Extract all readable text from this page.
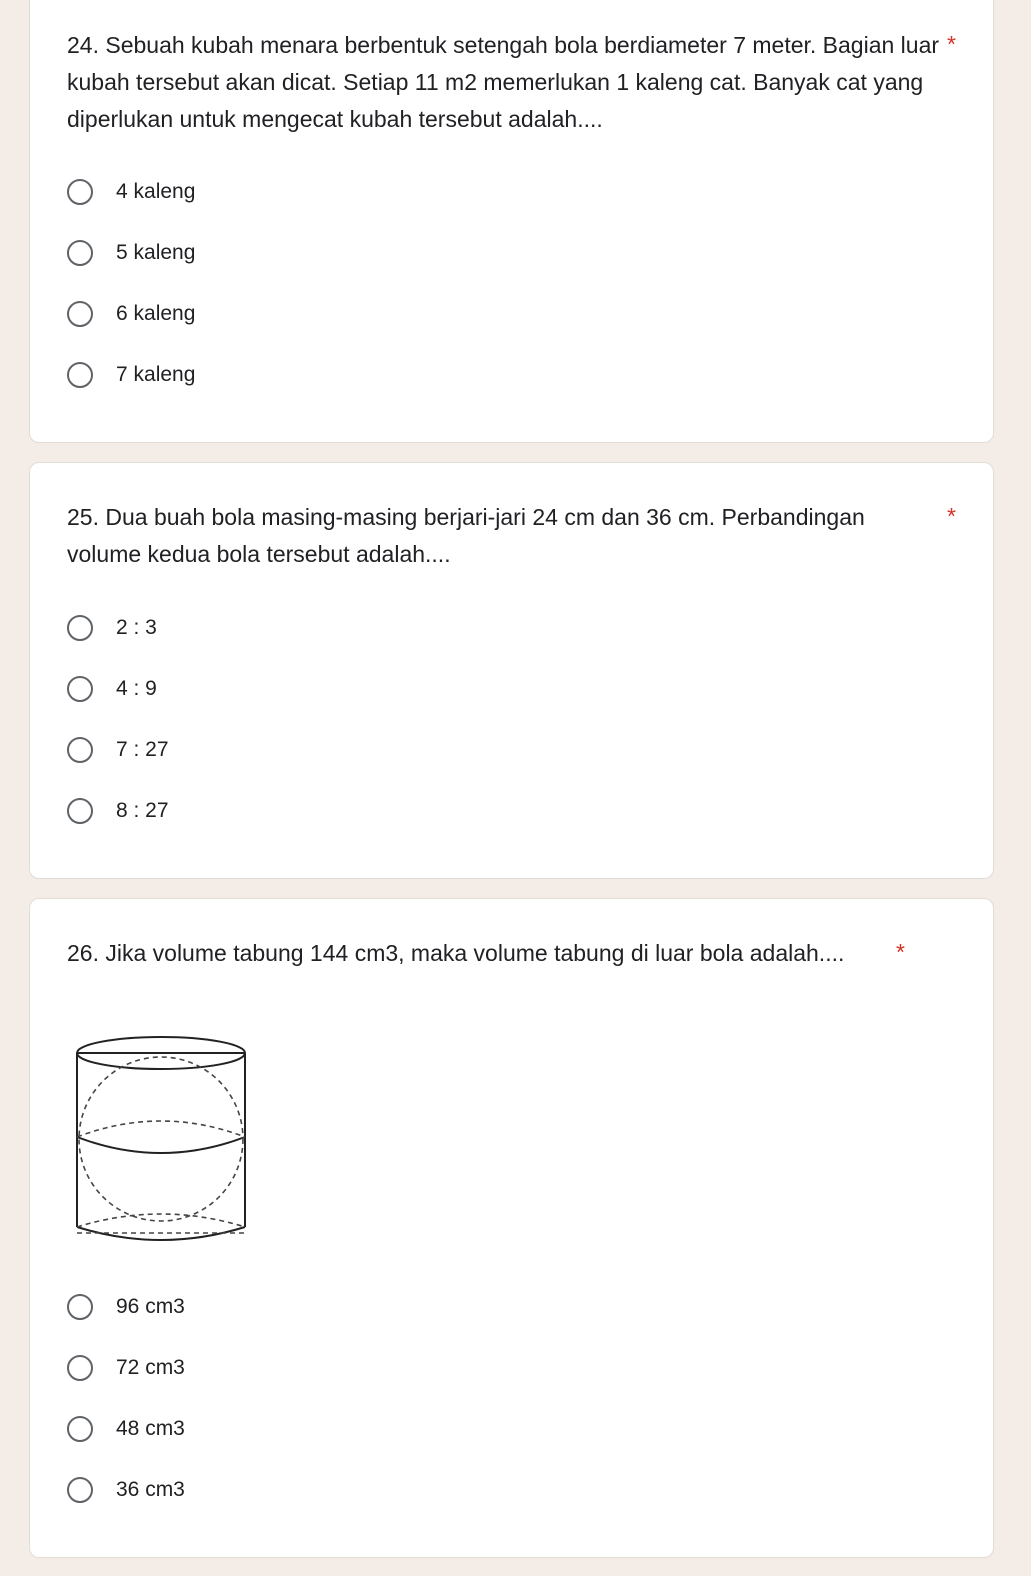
24. Sebuah kubah menara berbentuk setengah bola berdiameter 7 meter. Bagian luar kubah tersebut akan dicat. Setiap 11 m2 memerlukan 1 kaleng cat. Banyak cat yang diperlukan untuk mengecat kubah tersebut adalah....

*
4 kaleng
5 kaleng
6 kaleng
7 kaleng

25. Dua buah bola masing-masing berjari-jari 24 cm dan 36 cm. Perbandingan volume kedua bola tersebut adalah....

*
2 : 3
4 : 9
7 : 27
8 : 27

26. Jika volume tabung 144 cm3, maka volume tabung di luar bola adalah....	*
96 cm3
72 cm3
48 cm3
36 cm3
